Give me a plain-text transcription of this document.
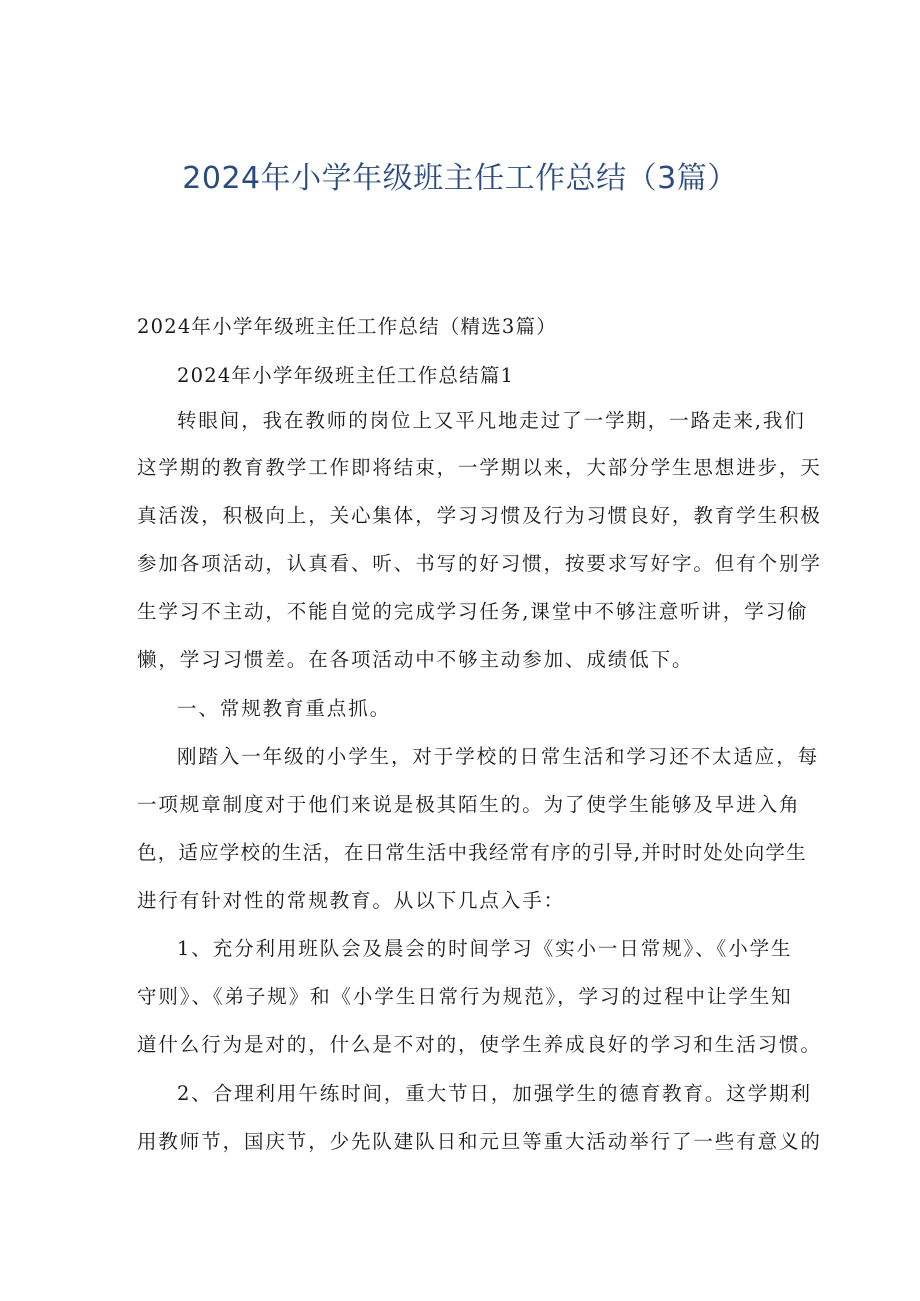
2024年小学年级班主任工作总结（3篇）
2024年小学年级班主任工作总结（精选3篇）
2024年小学年级班主任工作总结篇1
转眼间，我在教师的岗位上又平凡地走过了一学期，一路走来,我们
这学期的教育教学工作即将结束，一学期以来，大部分学生思想进步，天
真活泼，积极向上，关心集体，学习习惯及行为习惯良好，教育学生积极
参加各项活动，认真看、听、书写的好习惯，按要求写好字。但有个别学
生学习不主动，不能自觉的完成学习任务,课堂中不够注意听讲，学习偷
懒，学习习惯差。在各项活动中不够主动参加、成绩低下。
一、常规教育重点抓。
刚踏入一年级的小学生，对于学校的日常生活和学习还不太适应，每
一项规章制度对于他们来说是极其陌生的。为了使学生能够及早进入角
色，适应学校的生活，在日常生活中我经常有序的引导,并时时处处向学生
进行有针对性的常规教育。从以下几点入手：
1、充分利用班队会及晨会的时间学习《实小一日常规》、《小学生
守则》、《弟子规》和《小学生日常行为规范》，学习的过程中让学生知
道什么行为是对的，什么是不对的，使学生养成良好的学习和生活习惯。
2、合理利用午练时间，重大节日，加强学生的德育教育。这学期利
用教师节，国庆节，少先队建队日和元旦等重大活动举行了一些有意义的
